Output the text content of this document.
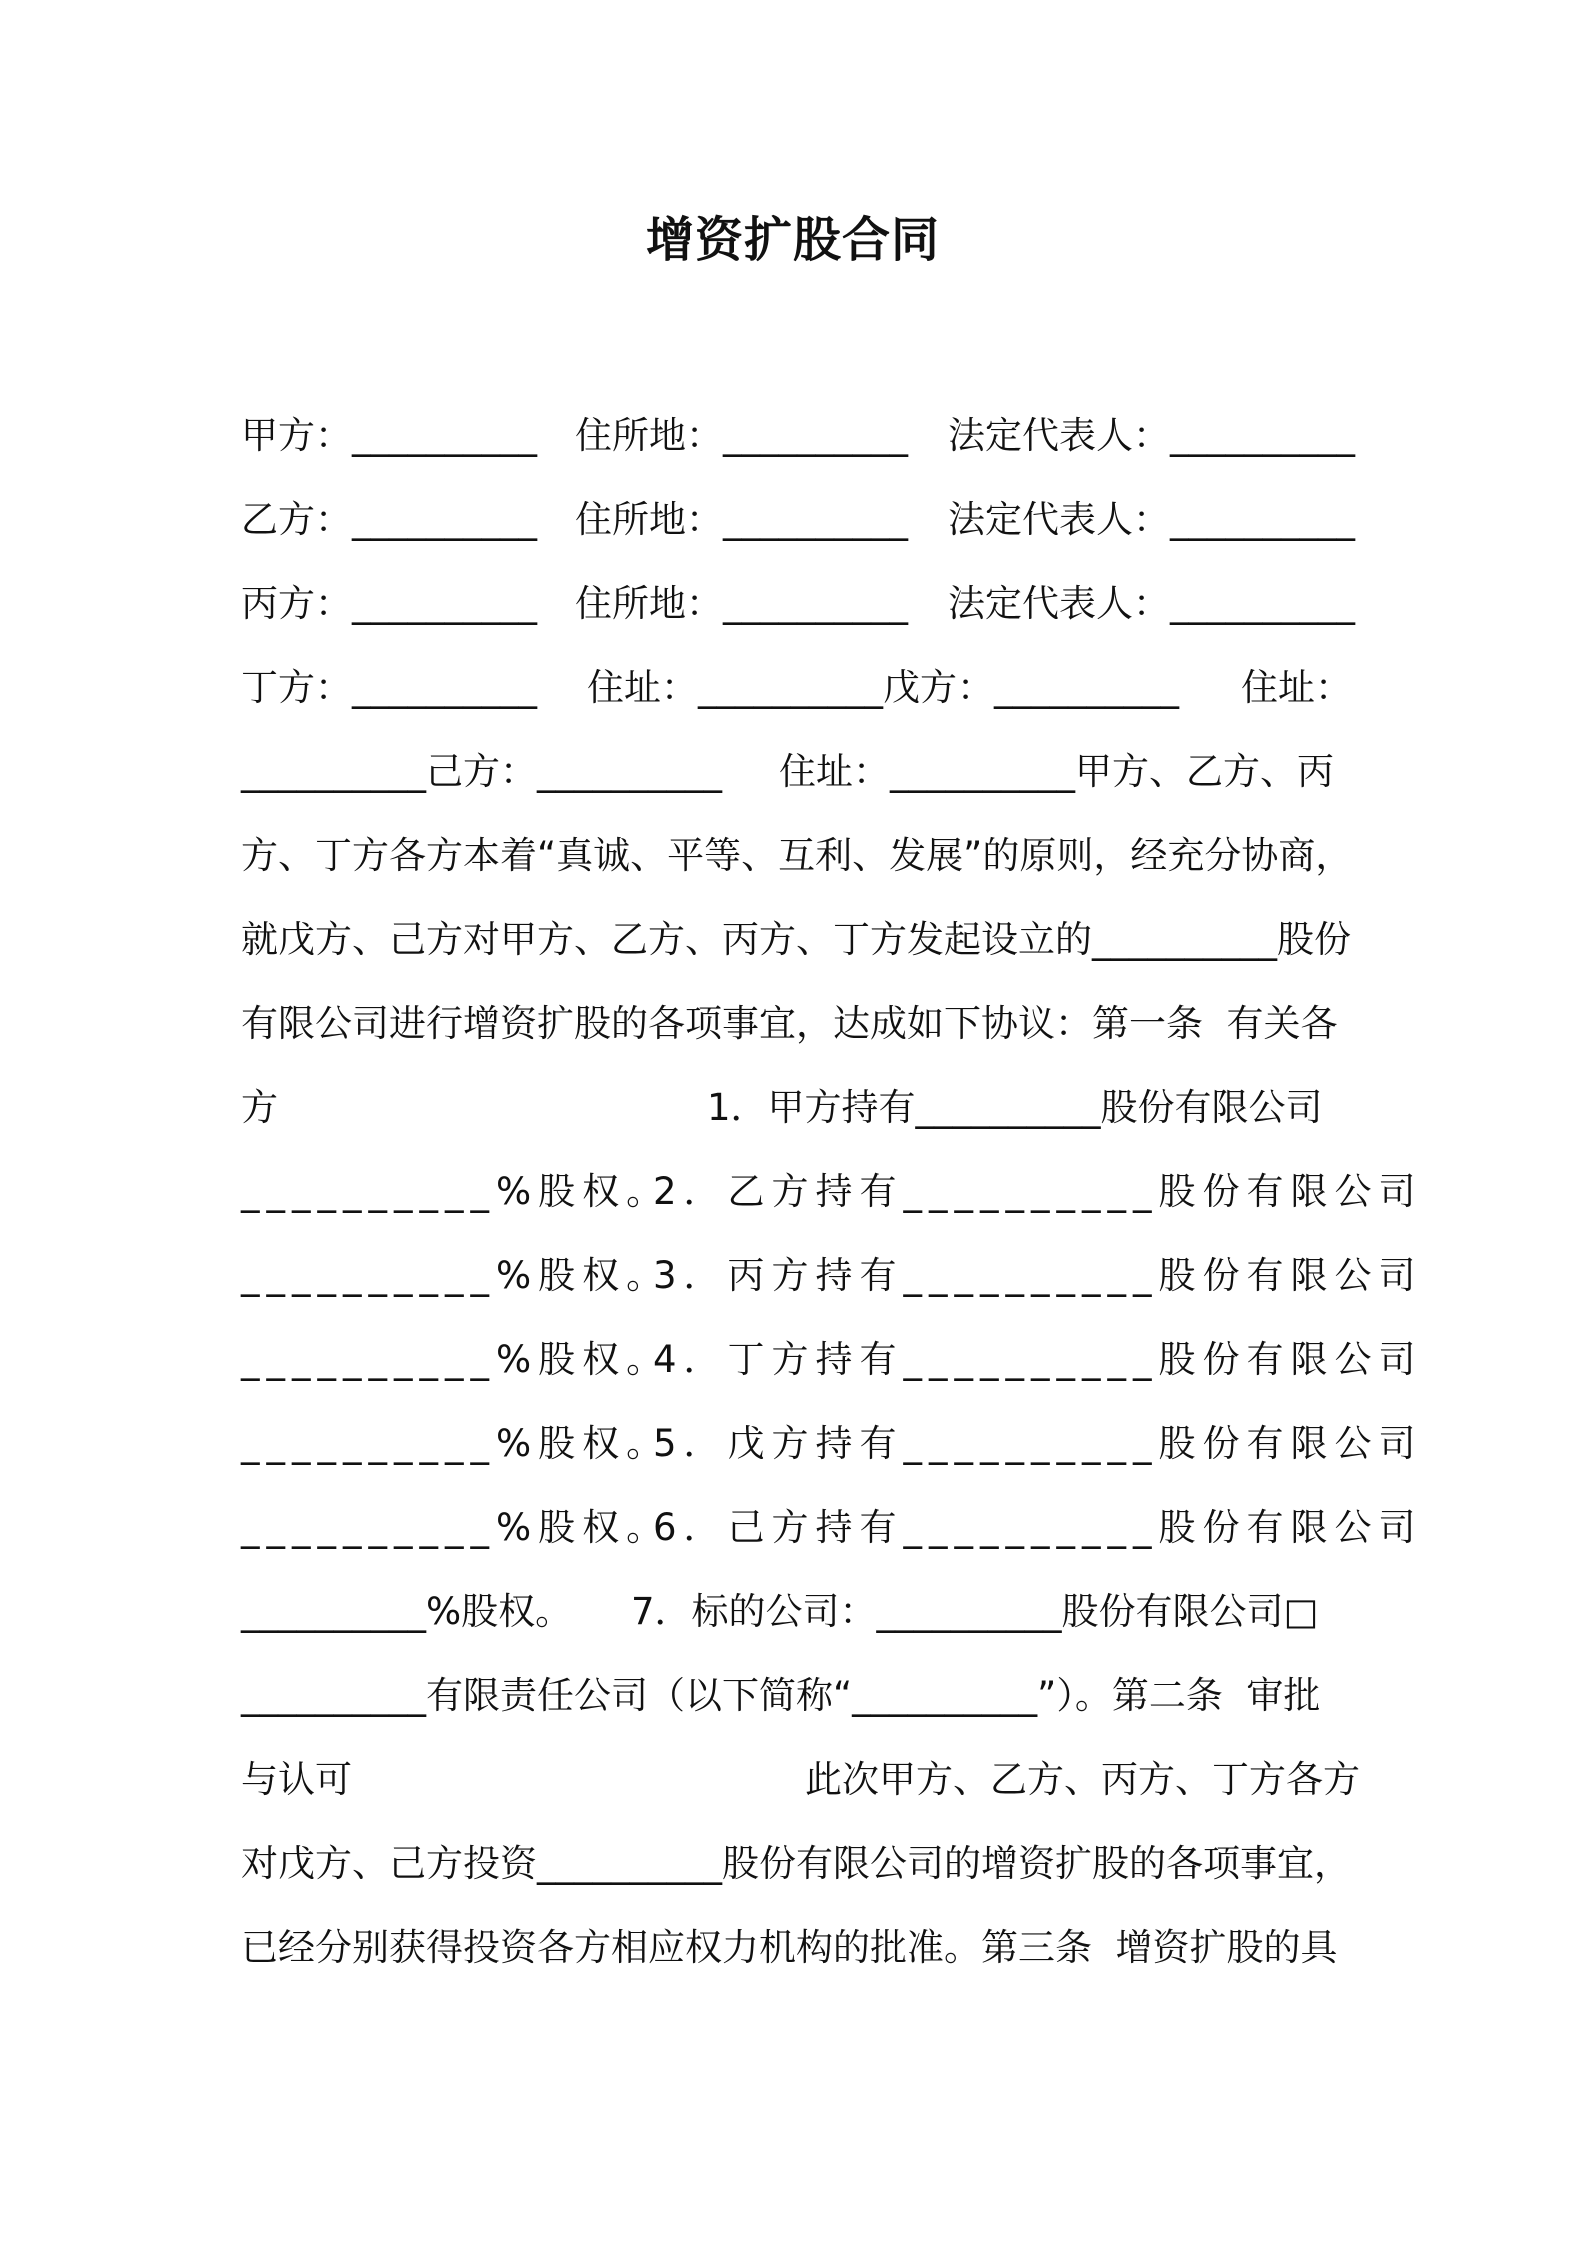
增资扩股合同

甲方：__________

住所地：__________

法定代表人：__________

乙方：__________

住所地：__________

法定代表人：__________

丙方：__________

住所地：__________

法定代表人：__________

丁方：__________

住址：__________戊方：__________

住址：

__________己方：__________

住址：__________甲方、乙方、丙

方、丁方各方本着“真诚、平等、互利、发展”的原则，经充分协商，

就戊方、己方对甲方、乙方、丙方、丁方发起设立的__________股份

有限公司进行增资扩股的各项事宜，达成如下协议：第一条  有关各

方

	1．甲方持有__________股份有限公司

__________%股权。

2．乙方持有__________股份有限公司

__________%股权。

3．丙方持有__________股份有限公司

__________%股权。

4．丁方持有__________股份有限公司

__________%股权。

5．戊方持有__________股份有限公司

__________%股权。

6．己方持有__________股份有限公司

__________%股权。

7．标的公司：__________股份有限公司□

__________有限责任公司（以下简称“__________”）。第二条  审批

与认可

	此次甲方、乙方、丙方、丁方各方

对戊方、己方投资__________股份有限公司的增资扩股的各项事宜，

已经分别获得投资各方相应权力机构的批准。第三条  增资扩股的具
